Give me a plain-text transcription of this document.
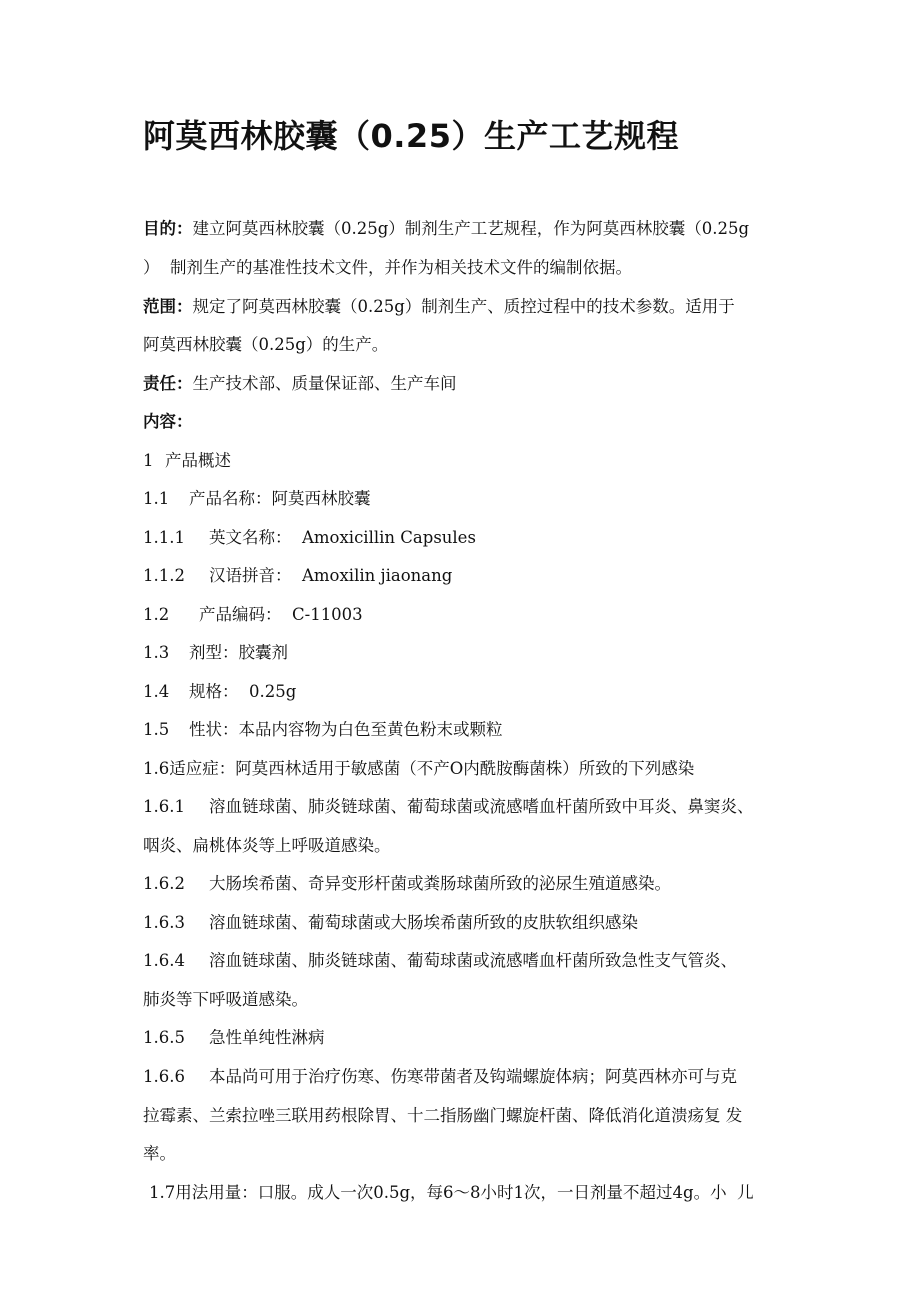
阿莫西林胶囊（0.25）生产工艺规程
目的：建立阿莫西林胶囊（0.25g）制剂生产工艺规程，作为阿莫西林胶囊（0.25g
）  制剂生产的基准性技术文件，并作为相关技术文件的编制依据。
范围：规定了阿莫西林胶囊（0.25g）制剂生产、质控过程中的技术参数。适用于
阿莫西林胶囊（0.25g）的生产。
责任：生产技术部、质量保证部、生产车间
内容：
1 产品概述
1.1 产品名称：阿莫西林胶囊
1.1.1 英文名称：  Amoxicillin Capsules
1.1.2 汉语拼音：  Amoxilin jiaonang
1.2 产品编码：  C-11003
1.3 剂型：胶囊剂
1.4 规格：  0.25g
1.5 性状：本品内容物为白色至黄色粉末或颗粒
1.6适应症：阿莫西林适用于敏感菌（不产O内酰胺酶菌株）所致的下列感染
1.6.1 溶血链球菌、肺炎链球菌、葡萄球菌或流感嗜血杆菌所致中耳炎、鼻窦炎、
咽炎、扁桃体炎等上呼吸道感染。
1.6.2 大肠埃希菌、奇异变形杆菌或粪肠球菌所致的泌尿生殖道感染。
1.6.3 溶血链球菌、葡萄球菌或大肠埃希菌所致的皮肤软组织感染
1.6.4 溶血链球菌、肺炎链球菌、葡萄球菌或流感嗜血杆菌所致急性支气管炎、
肺炎等下呼吸道感染。
1.6.5 急性单纯性淋病
1.6.6 本品尚可用于治疗伤寒、伤寒带菌者及钩端螺旋体病；阿莫西林亦可与克
拉霉素、兰索拉唑三联用药根除胃、十二指肠幽门螺旋杆菌、降低消化道溃疡复 发
率。
1.7用法用量：口服。成人一次0.5g，每6～8小时1次，一日剂量不超过4g。小  儿
